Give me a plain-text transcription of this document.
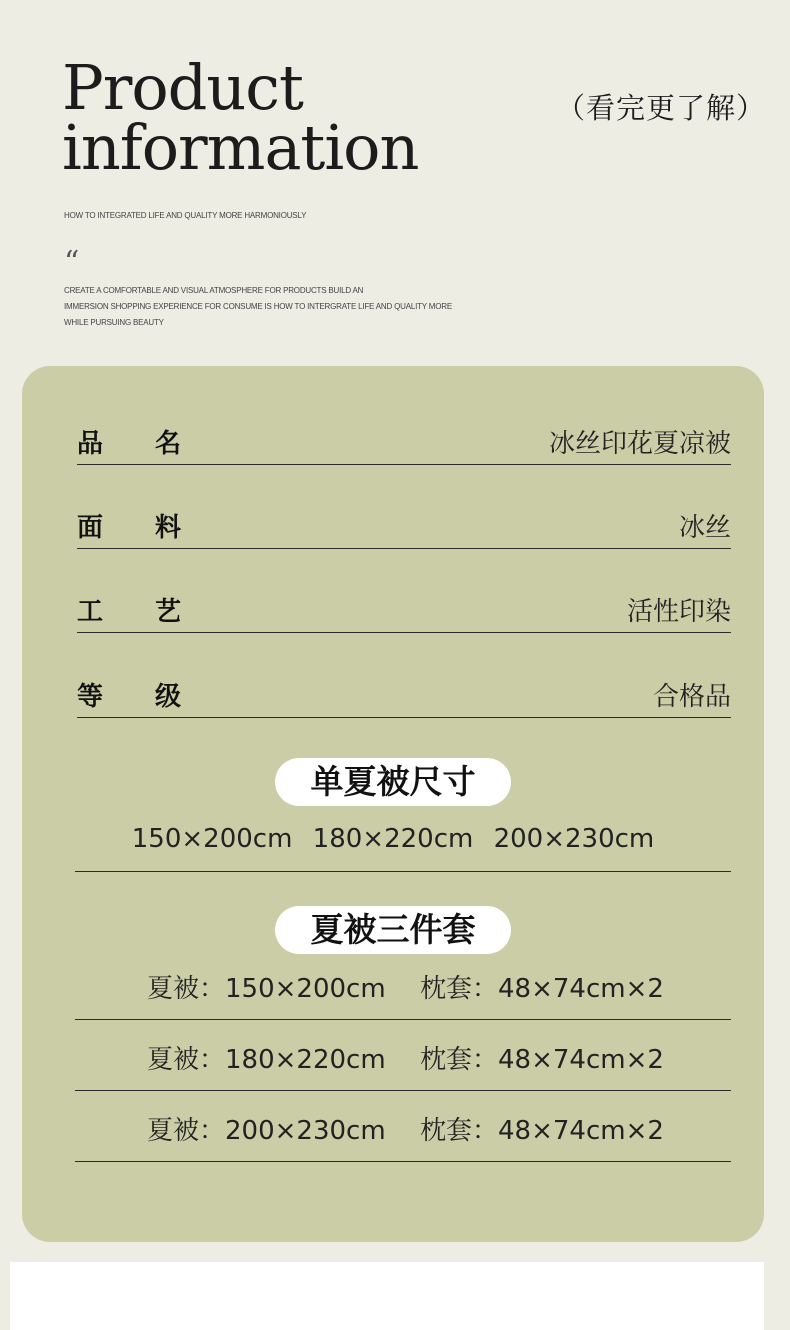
Product
information
（看完更了解）
HOW TO INTEGRATED LIFE AND QUALITY MORE HARMONIOUSLY
“
CREATE A COMFORTABLE AND VISUAL ATMOSPHERE FOR PRODUCTS BUILD AN
IMMERSION SHOPPING EXPERIENCE FOR CONSUME IS HOW TO INTERGRATE LIFE AND QUALITY MORE
WHILE PURSUING BEAUTY
品名	冰丝印花夏凉被
面料	冰丝
工艺	活性印染
等级	合格品
单夏被尺寸
150×200cm 180×220cm 200×230cm
夏被三件套
夏被：150×200cm 枕套：48×74cm×2
夏被：180×220cm 枕套：48×74cm×2
夏被：200×230cm 枕套：48×74cm×2
